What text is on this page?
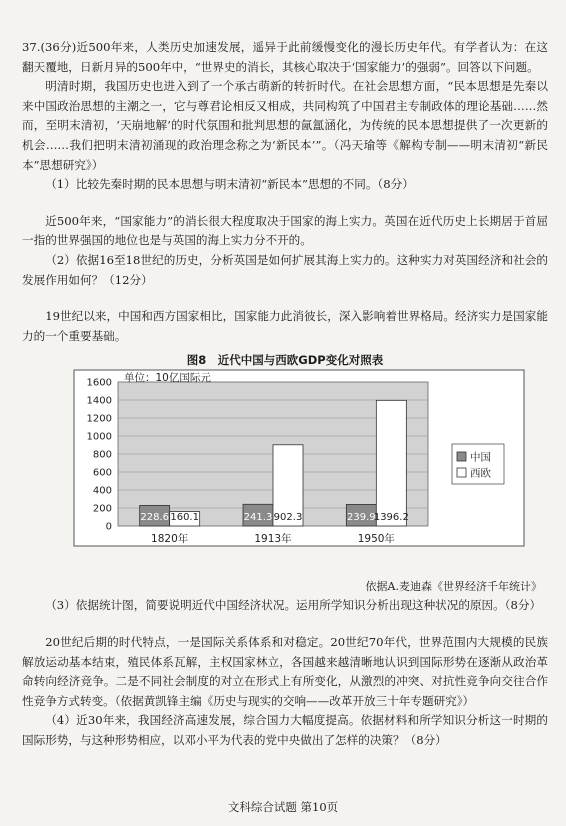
37.(36分)近500年来，人类历史加速发展，遥异于此前缓慢变化的漫长历史年代。有学者认为：在这翻天覆地，日新月异的500年中，“世界史的消长，其核心取决于‘国家能力’的强弱”。回答以下问题。

明清时期，我国历史也进入到了一个承古萌新的转折时代。在社会思想方面，“民本思想是先秦以来中国政治思想的主潮之一，它与尊君论相反又相成，共同构筑了中国君主专制政体的理论基础……然而，至明末清初，‘天崩地解’的时代氛围和批判思想的氤氲涵化，为传统的民本思想提供了一次更新的机会……我们把明末清初涌现的政治理念称之为‘新民本’”。（冯天瑜等《解构专制——明末清初“新民本”思想研究》）

（1）比较先秦时期的民本思想与明末清初“新民本”思想的不同。（8分）

近500年来，“国家能力”的消长很大程度取决于国家的海上实力。英国在近代历史上长期居于首屈一指的世界强国的地位也是与英国的海上实力分不开的。

（2）依据16至18世纪的历史，分析英国是如何扩展其海上实力的。这种实力对英国经济和社会的发展作用如何？（12分）

19世纪以来，中国和西方国家相比，国家能力此消彼长，深入影响着世界格局。经济实力是国家能力的一个重要基础。

图8　近代中国与西欧GDP变化对照表
单位：10亿国际元
0
200
400
600
800
1000
1200
1400
1600
228.6 160.1
1820年
241.3 902.3
1913年
239.9
1396.2
1950年
中国
西欧

依据A.麦迪森《世界经济千年统计》

（3）依据统计图，简要说明近代中国经济状况。运用所学知识分析出现这种状况的原因。（8分）

20世纪后期的时代特点，一是国际关系体系和对稳定。20世纪70年代，世界范围内大规模的民族解放运动基本结束，殖民体系瓦解，主权国家林立，各国越来越清晰地认识到国际形势在逐渐从政治革命转向经济竞争。二是不同社会制度的对立在形式上有所变化，从激烈的冲突、对抗性竞争向交往合作性竞争方式转变。（依据黄凯锋主编《历史与现实的交响——改革开放三十年专题研究》）

（4）近30年来，我国经济高速发展，综合国力大幅度提高。依据材料和所学知识分析这一时期的国际形势，与这种形势相应，以邓小平为代表的党中央做出了怎样的决策？（8分）

文科综合试题 第10页
